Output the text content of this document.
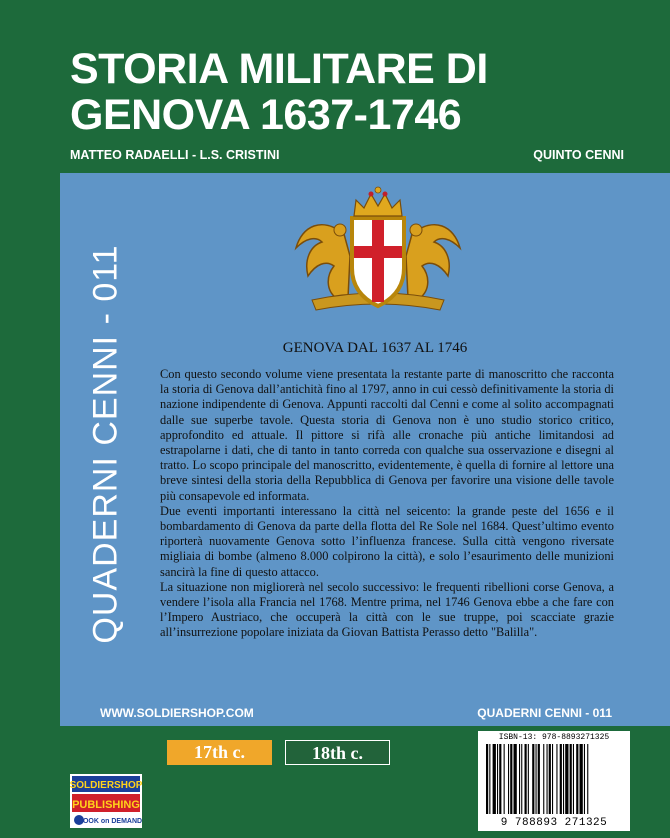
STORIA MILITARE DI
GENOVA 1637-1746
MATTEO RADAELLI - L.S. CRISTINI	QUINTO CENNI
QUADERNI CENNI - 011	GENOVA DAL 1637 AL 1746

Con questo secondo volume viene presentata la restante parte di manoscritto che racconta la storia di Genova dall’antichità fino al 1797, anno in cui cessò definitivamente la storia di nazione indipendente di Genova. Appunti raccolti dal Cenni e come al solito accompagnati dalle sue superbe tavole. Questa storia di Genova non è uno studio storico critico, approfondito ed attuale. Il pittore si rifà alle cronache più antiche limitandosi ad estrapolarne i dati, che di tanto in tanto correda con qualche sua osservazione e disegni al tratto. Lo scopo principale del manoscritto, evidentemente, è quella di fornire al lettore una breve sintesi della storia della Repubblica di Genova per favorire una visione delle tavole più consapevole ed informata.

Due eventi importanti interessano la città nel seicento: la grande peste del 1656 e il bombardamento di Genova da parte della flotta del Re Sole nel 1684. Quest’ultimo evento riporterà nuovamente Genova sotto l’influenza francese. Sulla città vengono riversate migliaia di bombe (almeno 8.000 colpirono la città), e solo l’esaurimento delle munizioni sancirà la fine di questo attacco.

La situazione non migliorerà nel secolo successivo: le frequenti ribellioni corse Genova, a vendere l’isola alla Francia nel 1768. Mentre prima, nel 1746 Genova ebbe a che fare con l’Impero Austriaco, che occuperà la città con le sue truppe, poi scacciate grazie all’insurrezione popolare iniziata da Giovan Battista Perasso detto "Balilla".

WWW.SOLDIERSHOP.COM	QUADERNI CENNI - 011
17th c.	18th c.
SOLDIERSHOP
PUBLISHING
BOOK on DEMAND
ISBN-13: 978-8893271325
9 788893 271325
